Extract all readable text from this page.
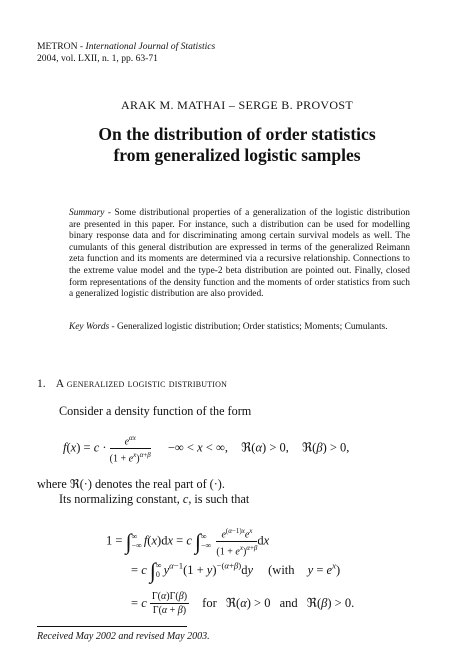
METRON - International Journal of Statistics
2004, vol. LXII, n. 1, pp. 63-71
ARAK M. MATHAI – SERGE B. PROVOST
On the distribution of order statistics
from generalized logistic samples
Summary - Some distributional properties of a generalization of the logistic distribution are presented in this paper. For instance, such a distribution can be used for modelling binary response data and for discriminating among certain survival models as well. The cumulants of this general distribution are expressed in terms of the generalized Reimann zeta function and its moments are determined via a recursive relationship. Connections to the extreme value model and the type-2 beta distribution are pointed out. Finally, closed form representations of the density function and the moments of order statistics from such a generalized logistic distribution are also provided.
Key Words - Generalized logistic distribution; Order statistics; Moments; Cumulants.
1. A generalized logistic distribution
Consider a density function of the form
$f(x) = c \cdot \frac{e^{\alpha x}}{(1 + e^x)^{\alpha+\beta}}$ −∞ < x < ∞, ℜ(α) > 0, ℜ(β) > 0,
where ℜ(·) denotes the real part of (·).
Its normalizing constant, c, is such that
1 = ∫ ∞
−∞ f(x)dx = c ∫ ∞
−∞
$\frac{e^{(\alpha-1)x}e^x}{(1 + e^x)^{\alpha+\beta}}$ dx
= c ∫ ∞
0 $y^{\alpha-1}(1 + y)^{-(\alpha+\beta)}dy$ (with $y = e^x$)
= c $\frac{\Gamma(\alpha)\Gamma(\beta)}{\Gamma(\alpha + \beta)}$ for ℜ(α) > 0 and ℜ(β) > 0.
Received May 2002 and revised May 2003.
